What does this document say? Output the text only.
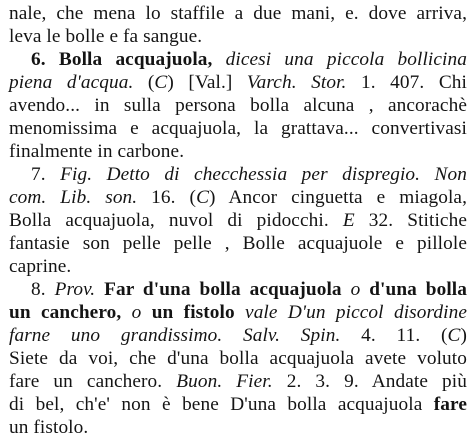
nale, che mena lo staffile a due mani, e. dove arriva,
leva le bolle e fa sangue.
6. Bolla acquajuola, dicesi una piccola bollicina
piena d'acqua. (C) [Val.] Varch. Stor. 1. 407. Chi
avendo... in sulla persona bolla alcuna , ancorachè
menomissima e acquajuola, la grattava... convertivasi
finalmente in carbone.
7. Fig. Detto di checchessia per dispregio. Non
com. Lib. son. 16. (C) Ancor cinguetta e miagola,
Bolla acquajuola, nuvol di pidocchi. E 32. Stitiche
fantasie son pelle pelle , Bolle acquajuole e pillole
caprine.
8. Prov. Far d'una bolla acquajuola o d'una bolla
un canchero, o un fistolo vale D'un piccol disordine
farne uno grandissimo. Salv. Spin. 4. 11. (C)
Siete da voi, che d'una bolla acquajuola avete voluto
fare un canchero. Buon. Fier. 2. 3. 9. Andate più
di bel, ch'e' non è bene D'una bolla acquajuola fare
un fistolo.
